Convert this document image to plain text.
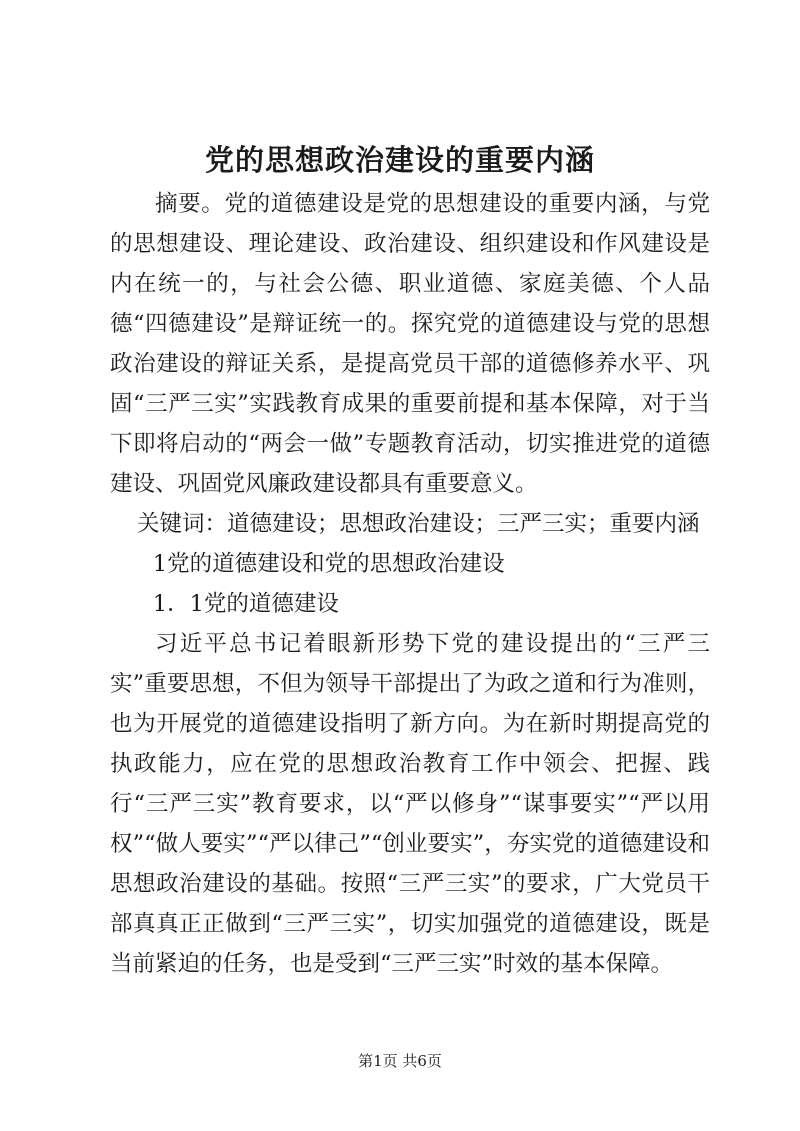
党的思想政治建设的重要内涵

摘要。党的道德建设是党的思想建设的重要内涵，与党的思想建设、理论建设、政治建设、组织建设和作风建设是内在统一的，与社会公德、职业道德、家庭美德、个人品德“四德建设”是辩证统一的。探究党的道德建设与党的思想政治建设的辩证关系，是提高党员干部的道德修养水平、巩固“三严三实”实践教育成果的重要前提和基本保障，对于当下即将启动的“两会一做”专题教育活动，切实推进党的道德建设、巩固党风廉政建设都具有重要意义。

关键词：道德建设；思想政治建设；三严三实；重要内涵

1党的道德建设和党的思想政治建设

1．1党的道德建设

习近平总书记着眼新形势下党的建设提出的“三严三实”重要思想，不但为领导干部提出了为政之道和行为准则，也为开展党的道德建设指明了新方向。为在新时期提高党的执政能力，应在党的思想政治教育工作中领会、把握、践行“三严三实”教育要求，以“严以修身”“谋事要实”“严以用权”“做人要实”“严以律己”“创业要实”，夯实党的道德建设和思想政治建设的基础。按照“三严三实”的要求，广大党员干部真真正正做到“三严三实”，切实加强党的道德建设，既是当前紧迫的任务，也是受到“三严三实”时效的基本保障。

第1页 共6页
